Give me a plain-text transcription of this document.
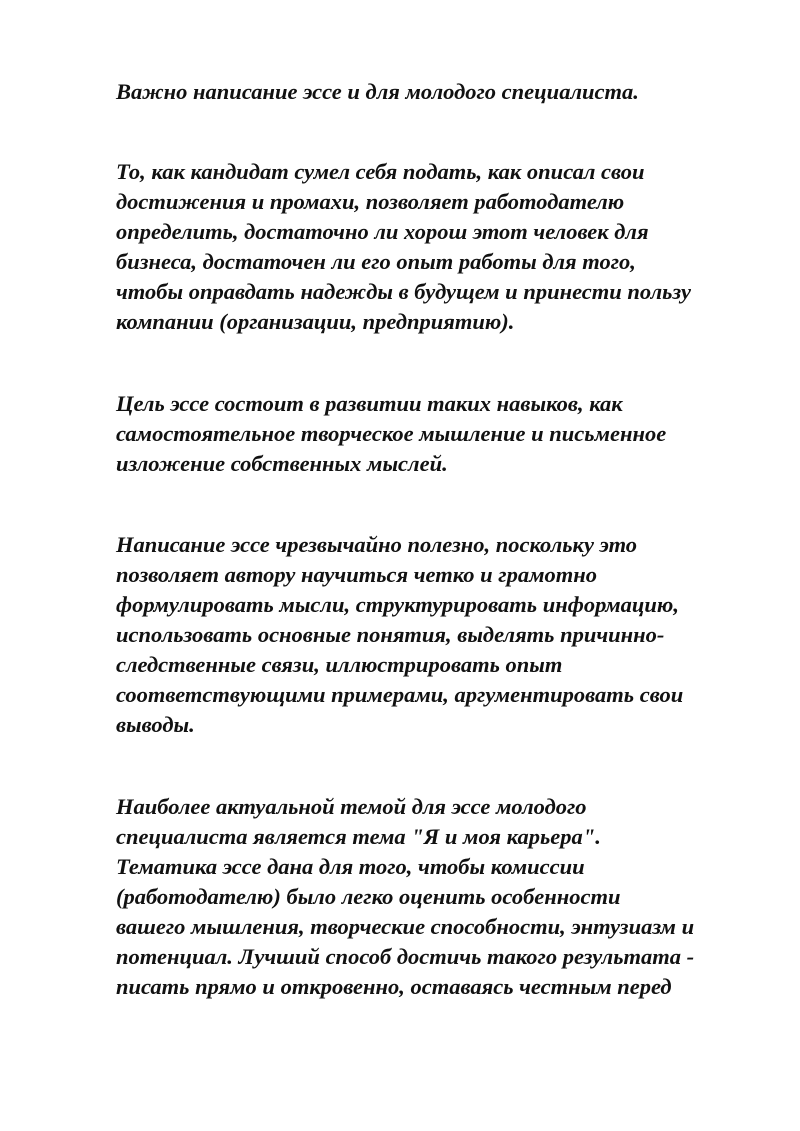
Важно написание эссе и для молодого специалиста.

То, как кандидат сумел себя подать, как описал свои
достижения и промахи, позволяет работодателю
определить, достаточно ли хорош этот человек для
бизнеса, достаточен ли его опыт работы для того,
чтобы оправдать надежды в будущем и принести пользу
компании (организации, предприятию).

Цель эссе состоит в развитии таких навыков, как
самостоятельное творческое мышление и письменное
изложение собственных мыслей.

Написание эссе чрезвычайно полезно, поскольку это
позволяет автору научиться четко и грамотно
формулировать мысли, структурировать информацию,
использовать основные понятия, выделять причинно-
следственные связи, иллюстрировать опыт
соответствующими примерами, аргументировать свои
выводы.

Наиболее актуальной темой для эссе молодого
специалиста является тема "Я и моя карьера".
Тематика эссе дана для того, чтобы комиссии
(работодателю) было легко оценить особенности
вашего мышления, творческие способности, энтузиазм и
потенциал. Лучший способ достичь такого результата -
писать прямо и откровенно, оставаясь честным перед
